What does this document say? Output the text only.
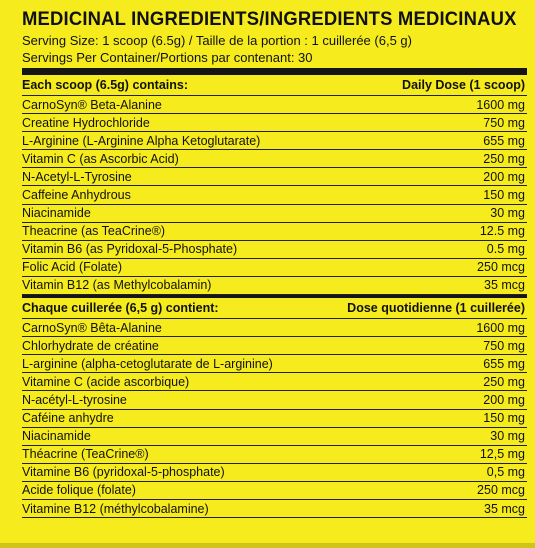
MEDICINAL INGREDIENTS/INGREDIENTS MEDICINAUX
Serving Size: 1 scoop (6.5g) / Taille de la portion : 1 cuillerée (6,5 g)
Servings Per Container/Portions par contenant: 30
Each scoop (6.5g) contains:	Daily Dose (1 scoop)
CarnoSyn® Beta-Alanine	1600 mg
Creatine Hydrochloride	750 mg
L-Arginine (L-Arginine Alpha Ketoglutarate)	655 mg
Vitamin C (as Ascorbic Acid)	250 mg
N-Acetyl-L-Tyrosine	200 mg
Caffeine Anhydrous	150 mg
Niacinamide	30 mg
Theacrine (as TeaCrine®)	12.5 mg
Vitamin B6 (as Pyridoxal-5-Phosphate)	0.5 mg
Folic Acid (Folate)	250 mcg
Vitamin B12 (as Methylcobalamin)	35 mcg
Chaque cuillerée (6,5 g) contient:	Dose quotidienne (1 cuillerée)
CarnoSyn® Bêta-Alanine	1600 mg
Chlorhydrate de créatine	750 mg
L-arginine (alpha-cetoglutarate de L-arginine)	655 mg
Vitamine C (acide ascorbique)	250 mg
N-acétyl-L-tyrosine	200 mg
Caféine anhydre	150 mg
Niacinamide	30 mg
Théacrine (TeaCrine®)	12,5 mg
Vitamine B6 (pyridoxal-5-phosphate)	0,5 mg
Acide folique (folate)	250 mcg
Vitamine B12 (méthylcobalamine)	35 mcg
